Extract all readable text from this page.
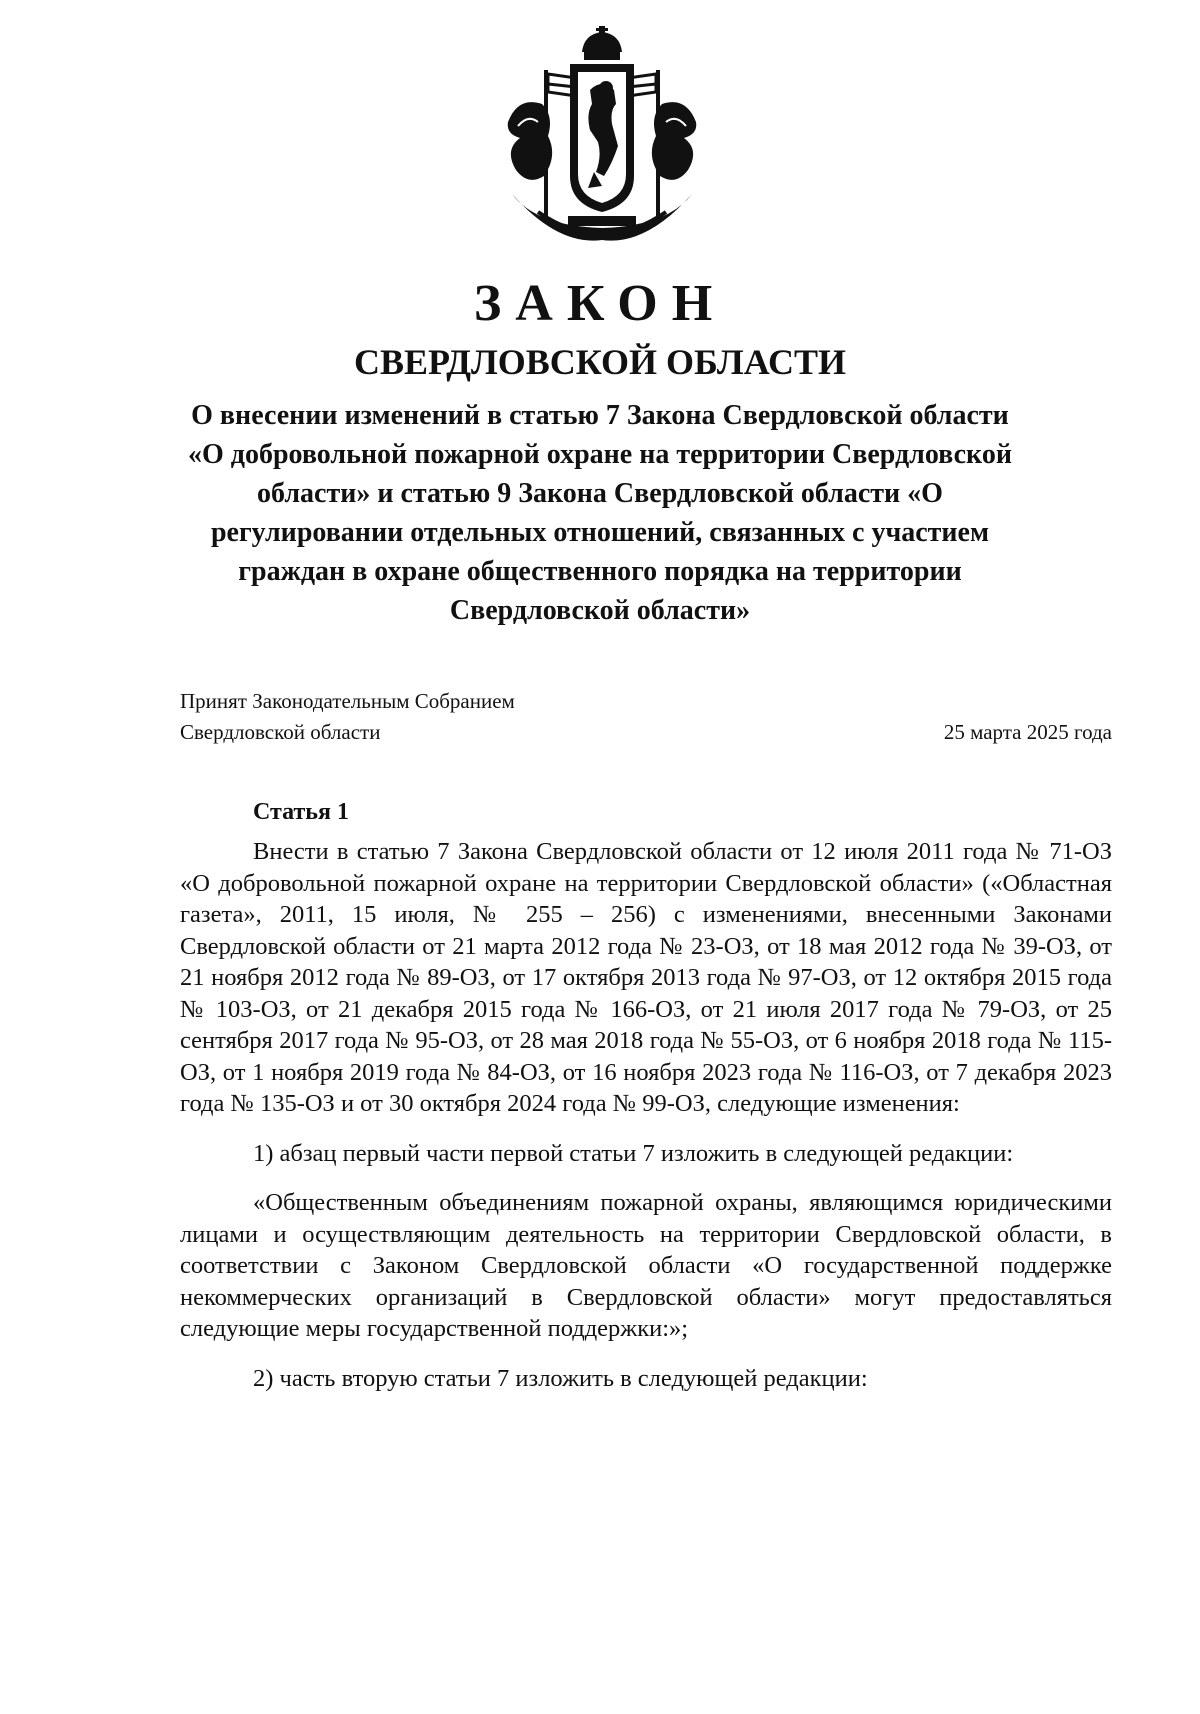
ЗАКОН
СВЕРДЛОВСКОЙ ОБЛАСТИ
О внесении изменений в статью 7 Закона Свердловской области «О добровольной пожарной охране на территории Свердловской области» и статью 9 Закона Свердловской области «О регулировании отдельных отношений, связанных с участием граждан в охране общественного порядка на территории Свердловской области»
Принят Законодательным Собранием
Свердловской области	25 марта 2025 года
Статья 1

Внести в статью 7 Закона Свердловской области от 12 июля 2011 года № 71-ОЗ «О добровольной пожарной охране на территории Свердловской области» («Областная газета», 2011, 15 июля, № 255 – 256) с изменениями, внесенными Законами Свердловской области от 21 марта 2012 года № 23-ОЗ, от 18 мая 2012 года № 39-ОЗ, от 21 ноября 2012 года № 89-ОЗ, от 17 октября 2013 года № 97-ОЗ, от 12 октября 2015 года № 103-ОЗ, от 21 декабря 2015 года № 166-ОЗ, от 21 июля 2017 года № 79-ОЗ, от 25 сентября 2017 года № 95-ОЗ, от 28 мая 2018 года № 55-ОЗ, от 6 ноября 2018 года № 115-ОЗ, от 1 ноября 2019 года № 84-ОЗ, от 16 ноября 2023 года № 116-ОЗ, от 7 декабря 2023 года № 135-ОЗ и от 30 октября 2024 года № 99-ОЗ, следующие изменения:

1) абзац первый части первой статьи 7 изложить в следующей редакции:

«Общественным объединениям пожарной охраны, являющимся юридическими лицами и осуществляющим деятельность на территории Свердловской области, в соответствии с Законом Свердловской области «О государственной поддержке некоммерческих организаций в Свердловской области» могут предоставляться следующие меры государственной поддержки:»;

2) часть вторую статьи 7 изложить в следующей редакции:
